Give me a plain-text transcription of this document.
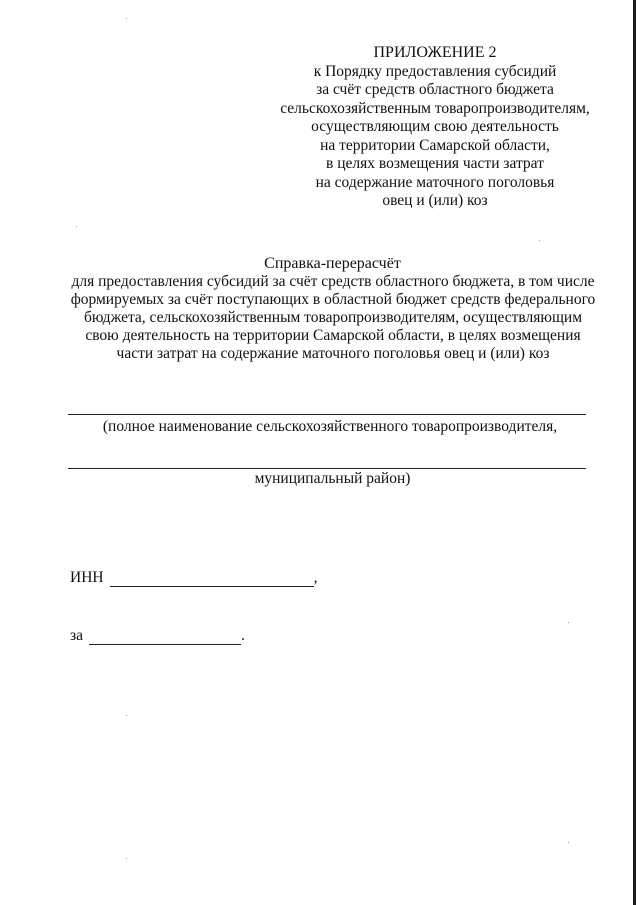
ПРИЛОЖЕНИЕ 2
к Порядку предоставления субсидий
за счёт средств областного бюджета
сельскохозяйственным товаропроизводителям,
осуществляющим свою деятельность
на территории Самарской области,
в целях возмещения части затрат
на содержание маточного поголовья
овец и (или) коз
Справка-перерасчёт
для предоставления субсидий за счёт средств областного бюджета, в том числе
формируемых за счёт поступающих в областной бюджет средств федерального
бюджета, сельскохозяйственным товаропроизводителям, осуществляющим
свою деятельность на территории Самарской области, в целях возмещения
части затрат на содержание маточного поголовья овец и (или) коз
(полное наименование сельскохозяйственного товаропроизводителя,
муниципальный район)
ИНН	,
за	.
